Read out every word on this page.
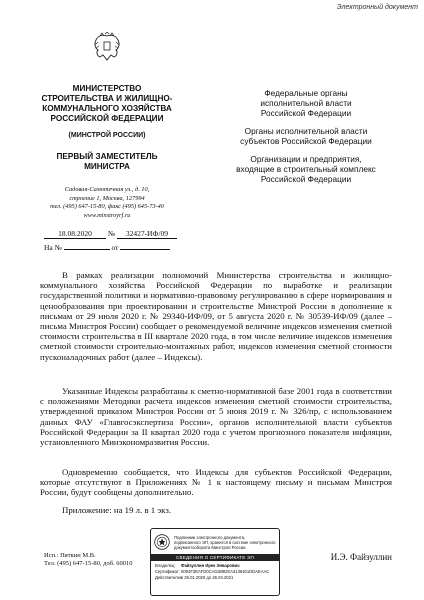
Электронный документ
МИНИСТЕРСТВО
СТРОИТЕЛЬСТВА И ЖИЛИЩНО-
КОММУНАЛЬНОГО ХОЗЯЙСТВА
РОССИЙСКОЙ ФЕДЕРАЦИИ
(МИНСТРОЙ РОССИИ)
ПЕРВЫЙ ЗАМЕСТИТЕЛЬ
МИНИСТРА
Садовая-Самотечная ул., д. 10,
строение 1, Москва, 127994
тел. (495) 647-15-80, факс (495) 645-73-40
www.minstroyrf.ru
18.08.2020 № 32427-ИФ/09
На №	от
Федеральные органы
исполнительной власти
Российской Федерации
Органы исполнительной власти
субъектов Российской Федерации
Организации и предприятия,
входящие в строительный комплекс
Российской Федерации

В рамках реализации полномочий Министерства строительства и жилищно-коммунального хозяйства Российской Федерации по выработке и реализации государственной политики и нормативно-правовому регулированию в сфере нормирования и ценообразования при проектировании и строительстве Минстрой России в дополнение к письмам от 29 июля 2020 г. № 29340-ИФ/09, от 5 августа 2020 г. № 30539-ИФ/09 (далее – письма Минстроя России) сообщает о рекомендуемой величине индексов изменения сметной стоимости строительства в III квартале 2020 года, в том числе величине индексов изменения сметной стоимости строительно-монтажных работ, индексов изменения сметной стоимости пусконаладочных работ (далее – Индексы).

Указанные Индексы разработаны к сметно-нормативной базе 2001 года в соответствии с положениями Методики расчета индексов изменения сметной стоимости строительства, утвержденной приказом Минстроя России от 5 июня 2019 г. № 326/пр, с использованием данных ФАУ «Главгосэкспертиза России», органов исполнительной власти субъектов Российской Федерации за II квартал 2020 года с учетом прогнозного показателя инфляции, установленного Минэкономразвития России.

Одновременно сообщается, что Индексы для субъектов Российской Федерации, которые отсутствуют в Приложениях № 1 к настоящему письму и письмам Минстроя России, будут сообщены дополнительно.

Приложение: на 19 л. в 1 экз.

Подлинник электронного документа,
подписанного ЭП, хранится в системе электронного
документооборота Минстроя России
СВЕДЕНИЯ О СЕРТИФИКАТЕ ЭП
Владелец: Файзуллин Ирек Энварович
Сертификат:0094F3EAFD0CA01B9DEA3136401DDAEAAC
Действителен:с 26.01.2020 до 26.04.2021
И.Э. Файзуллин
Исп.: Пяткин М.В.
Тел. (495) 647-15-80, доб. 60010
